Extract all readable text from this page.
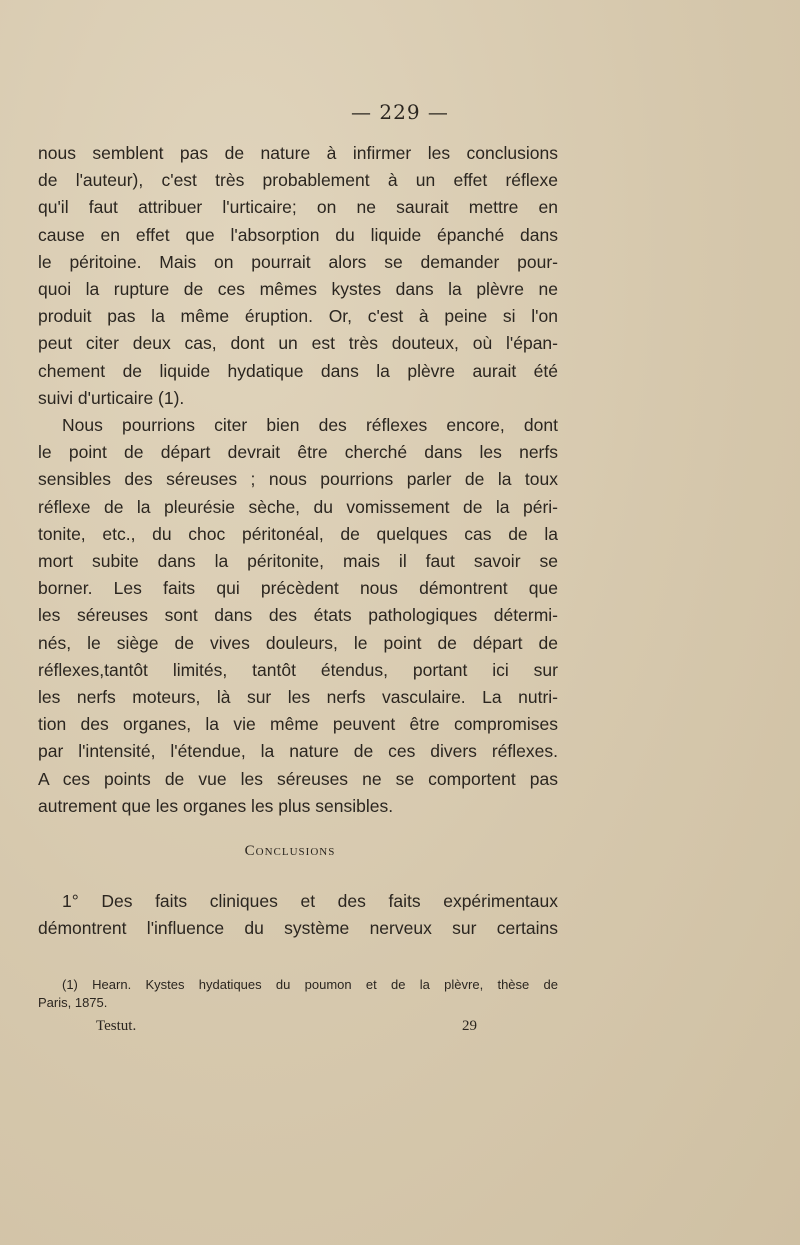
— 229 —
nous semblent pas de nature à infirmer les conclusions
de l'auteur), c'est très probablement à un effet réflexe
qu'il faut attribuer l'urticaire; on ne saurait mettre en
cause en effet que l'absorption du liquide épanché dans
le péritoine. Mais on pourrait alors se demander pour-
quoi la rupture de ces mêmes kystes dans la plèvre ne
produit pas la même éruption. Or, c'est à peine si l'on
peut citer deux cas, dont un est très douteux, où l'épan-
chement de liquide hydatique dans la plèvre aurait été
suivi d'urticaire (1).
Nous pourrions citer bien des réflexes encore, dont
le point de départ devrait être cherché dans les nerfs
sensibles des séreuses ; nous pourrions parler de la toux
réflexe de la pleurésie sèche, du vomissement de la péri-
tonite, etc., du choc péritonéal, de quelques cas de la
mort subite dans la péritonite, mais il faut savoir se
borner. Les faits qui précèdent nous démontrent que
les séreuses sont dans des états pathologiques détermi-
nés, le siège de vives douleurs, le point de départ de
réflexes,tantôt limités, tantôt étendus, portant ici sur
les nerfs moteurs, là sur les nerfs vasculaire. La nutri-
tion des organes, la vie même peuvent être compromises
par l'intensité, l'étendue, la nature de ces divers réflexes.
A ces points de vue les séreuses ne se comportent pas
autrement que les organes les plus sensibles.
Conclusions
1° Des faits cliniques et des faits expérimentaux
démontrent l'influence du système nerveux sur certains
(1) Hearn. Kystes hydatiques du poumon et de la plèvre, thèse de
Paris, 1875.
Testut.	29
